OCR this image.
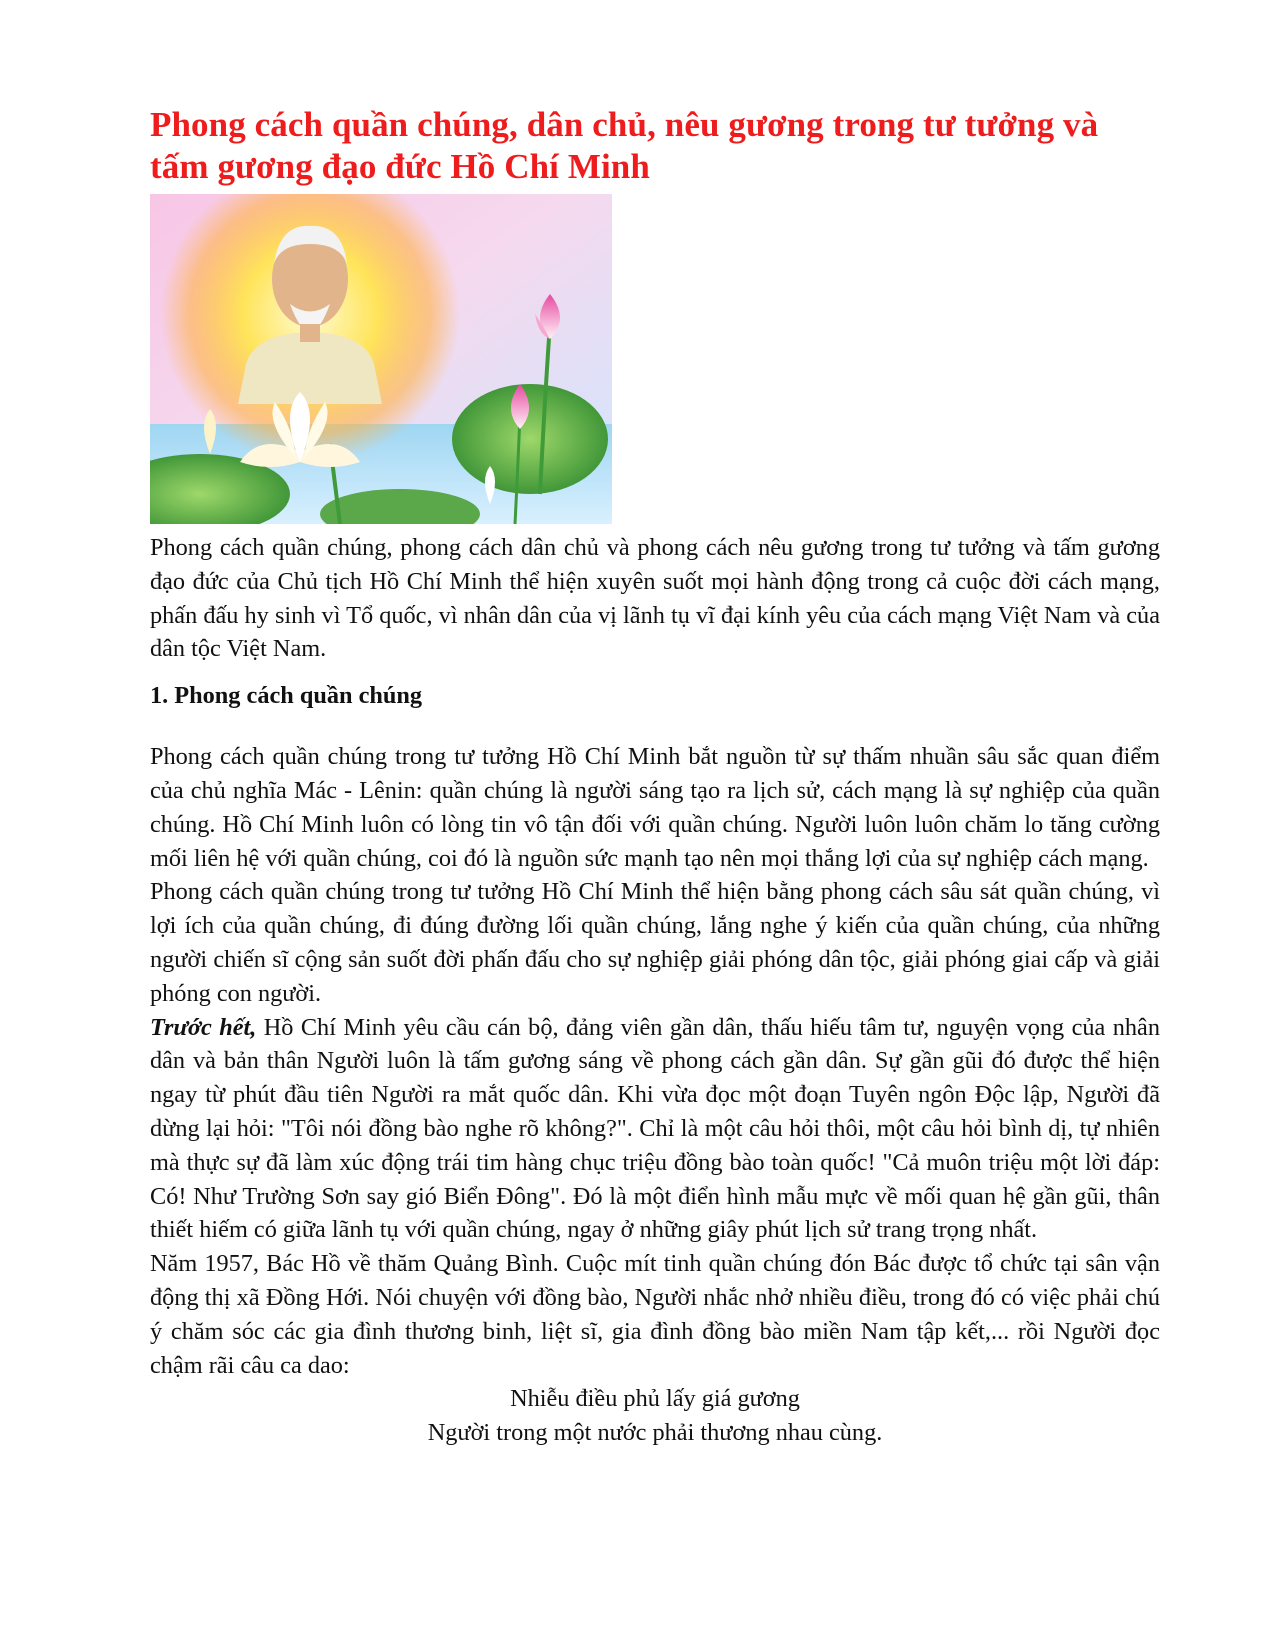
Phong cách quần chúng, dân chủ, nêu gương trong tư tưởng và tấm gương đạo đức Hồ Chí Minh

Phong cách quần chúng, phong cách dân chủ và phong cách nêu gương trong tư tưởng và tấm gương đạo đức của Chủ tịch Hồ Chí Minh thể hiện xuyên suốt mọi hành động trong cả cuộc đời cách mạng, phấn đấu hy sinh vì Tổ quốc, vì nhân dân của vị lãnh tụ vĩ đại kính yêu của cách mạng Việt Nam và của dân tộc Việt Nam.

1. Phong cách quần chúng

Phong cách quần chúng trong tư tưởng Hồ Chí Minh bắt nguồn từ sự thấm nhuần sâu sắc quan điểm của chủ nghĩa Mác - Lênin: quần chúng là người sáng tạo ra lịch sử, cách mạng là sự nghiệp của quần chúng. Hồ Chí Minh luôn có lòng tin vô tận đối với quần chúng. Người luôn luôn chăm lo tăng cường mối liên hệ với quần chúng, coi đó là nguồn sức mạnh tạo nên mọi thắng lợi của sự nghiệp cách mạng.

Phong cách quần chúng trong tư tưởng Hồ Chí Minh thể hiện bằng phong cách sâu sát quần chúng, vì lợi ích của quần chúng, đi đúng đường lối quần chúng, lắng nghe ý kiến của quần chúng, của những người chiến sĩ cộng sản suốt đời phấn đấu cho sự nghiệp giải phóng dân tộc, giải phóng giai cấp và giải phóng con người.

Trước hết, Hồ Chí Minh yêu cầu cán bộ, đảng viên gần dân, thấu hiếu tâm tư, nguyện vọng của nhân dân và bản thân Người luôn là tấm gương sáng về phong cách gần dân. Sự gần gũi đó được thể hiện ngay từ phút đầu tiên Người ra mắt quốc dân. Khi vừa đọc một đoạn Tuyên ngôn Độc lập, Người đã dừng lại hỏi: "Tôi nói đồng bào nghe rõ không?". Chỉ là một câu hỏi thôi, một câu hỏi bình dị, tự nhiên mà thực sự đã làm xúc động trái tim hàng chục triệu đồng bào toàn quốc! "Cả muôn triệu một lời đáp: Có! Như Trường Sơn say gió Biển Đông". Đó là một điển hình mẫu mực về mối quan hệ gần gũi, thân thiết hiếm có giữa lãnh tụ với quần chúng, ngay ở những giây phút lịch sử trang trọng nhất.

Năm 1957, Bác Hồ về thăm Quảng Bình. Cuộc mít tinh quần chúng đón Bác được tổ chức tại sân vận động thị xã Đồng Hới. Nói chuyện với đồng bào, Người nhắc nhở nhiều điều, trong đó có việc phải chú ý chăm sóc các gia đình thương binh, liệt sĩ, gia đình đồng bào miền Nam tập kết,... rồi Người đọc chậm rãi câu ca dao:

Nhiễu điều phủ lấy giá gương
Người trong một nước phải thương nhau cùng.
